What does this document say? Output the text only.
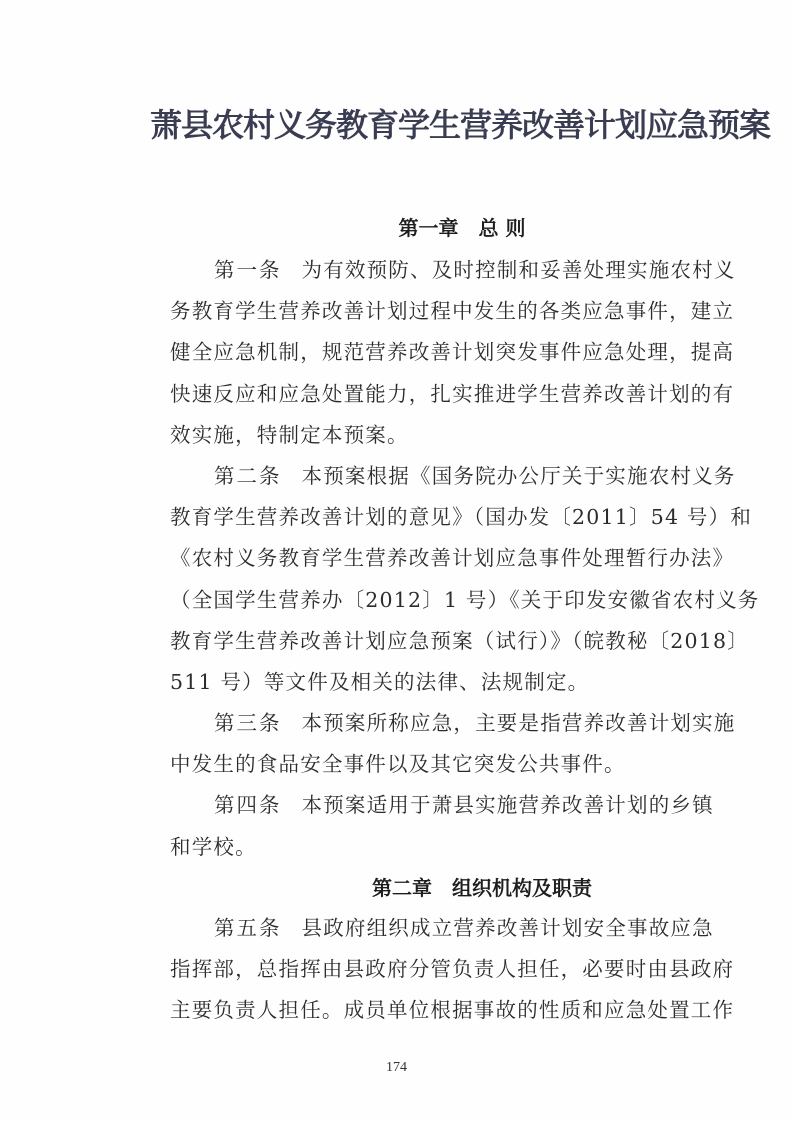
萧县农村义务教育学生营养改善计划应急预案
第一章　总 则
第一条 为有效预防、及时控制和妥善处理实施农村义
务教育学生营养改善计划过程中发生的各类应急事件，建立
健全应急机制，规范营养改善计划突发事件应急处理，提高
快速反应和应急处置能力，扎实推进学生营养改善计划的有
效实施，特制定本预案。
第二条 本预案根据《国务院办公厅关于实施农村义务
教育学生营养改善计划的意见》（国办发〔2011〕54 号）和
《农村义务教育学生营养改善计划应急事件处理暂行办法》
（全国学生营养办〔2012〕1 号）《关于印发安徽省农村义务
教育学生营养改善计划应急预案（试行）》（皖教秘〔2018〕
511 号）等文件及相关的法律、法规制定。
第三条 本预案所称应急，主要是指营养改善计划实施
中发生的食品安全事件以及其它突发公共事件。
第四条 本预案适用于萧县实施营养改善计划的乡镇
和学校。
第二章　组织机构及职责
第五条 县政府组织成立营养改善计划安全事故应急
指挥部，总指挥由县政府分管负责人担任，必要时由县政府
主要负责人担任。成员单位根据事故的性质和应急处置工作
174
